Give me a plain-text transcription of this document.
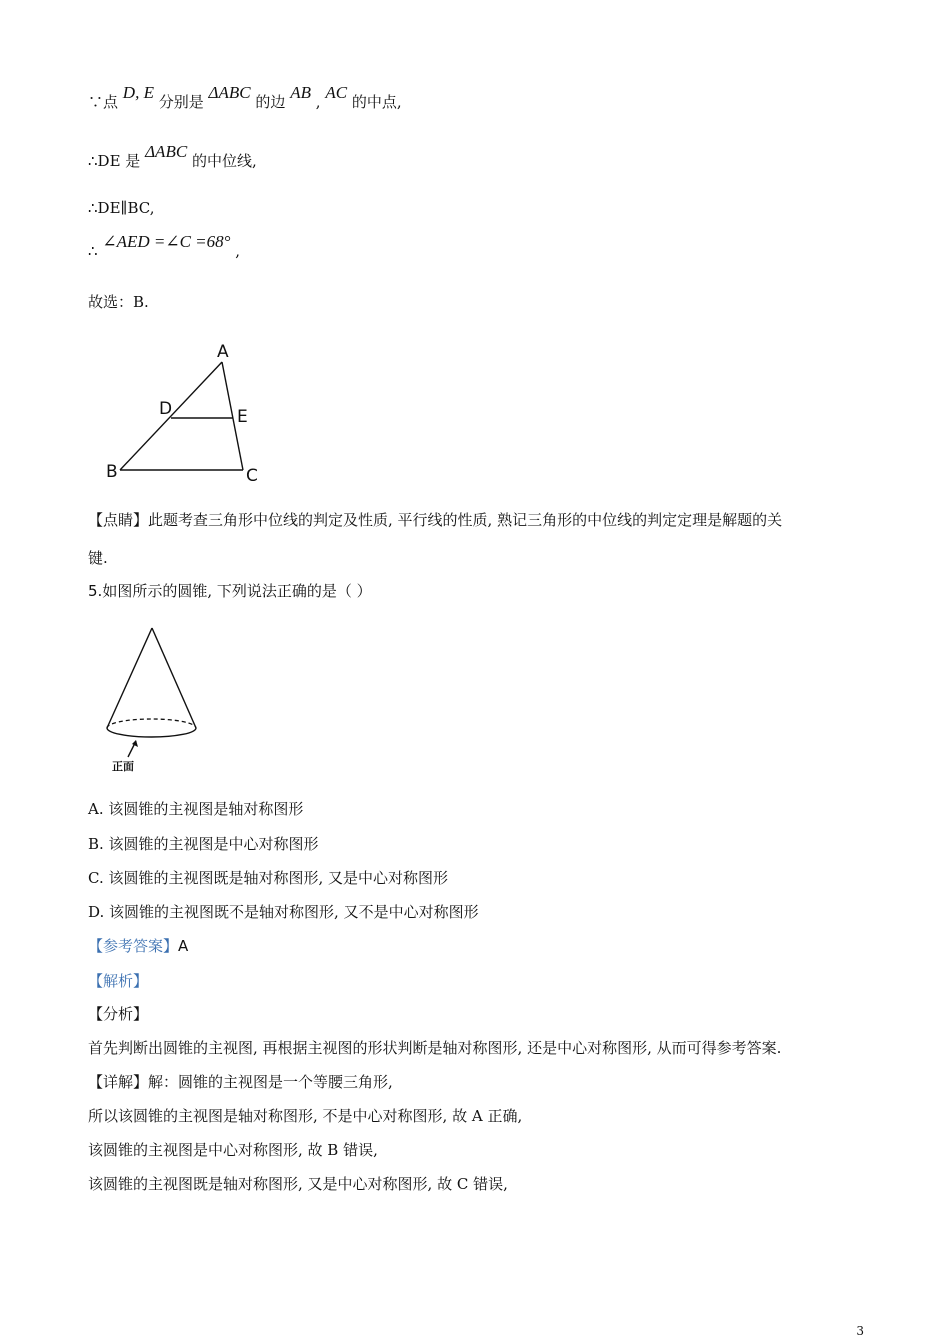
∵点 D, E 分别是 ΔABC 的边 AB , AC 的中点,
∴DE 是 ΔABC 的中位线,
∴DE∥BC,
∴ ∠AED =∠C =68° ,
故选：B.
A
B	C
D	E
【点睛】此题考查三角形中位线的判定及性质, 平行线的性质, 熟记三角形的中位线的判定定理是解题的关
键.
5.如图所示的圆锥, 下列说法正确的是（ ）
正面
A. 该圆锥的主视图是轴对称图形
B. 该圆锥的主视图是中心对称图形
C. 该圆锥的主视图既是轴对称图形, 又是中心对称图形
D. 该圆锥的主视图既不是轴对称图形, 又不是中心对称图形
【参考答案】A
【解析】
【分析】
首先判断出圆锥的主视图, 再根据主视图的形状判断是轴对称图形, 还是中心对称图形, 从而可得参考答案.
【详解】解：圆锥的主视图是一个等腰三角形,
所以该圆锥的主视图是轴对称图形, 不是中心对称图形, 故 A 正确,
该圆锥的主视图是中心对称图形, 故 B 错误,
该圆锥的主视图既是轴对称图形, 又是中心对称图形, 故 C 错误,
3
